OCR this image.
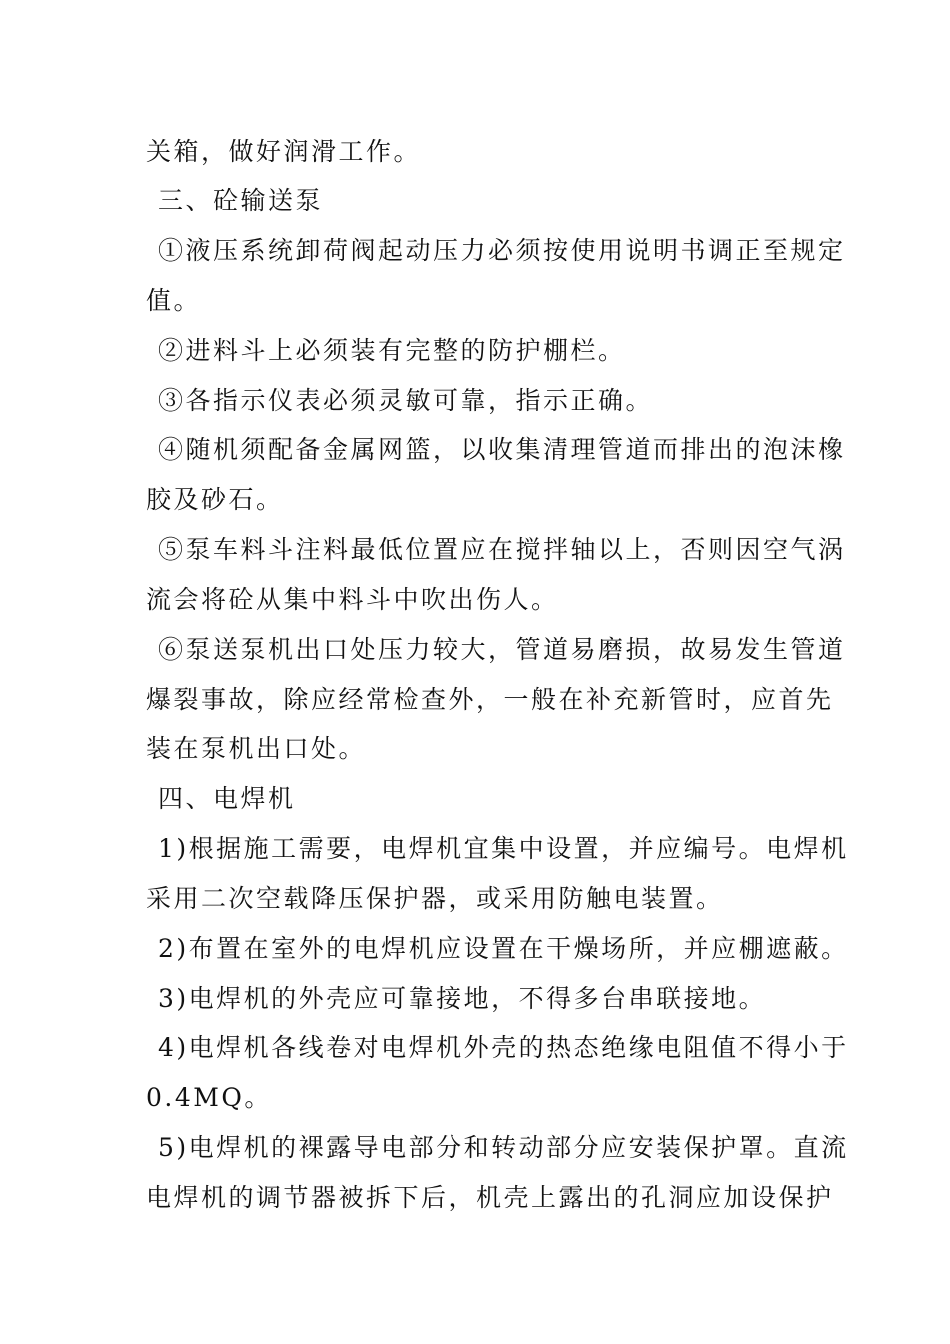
关箱，做好润滑工作。
三、砼输送泵
①液压系统卸荷阀起动压力必须按使用说明书调正至规定
值。
②进料斗上必须装有完整的防护棚栏。
③各指示仪表必须灵敏可靠，指示正确。
④随机须配备金属网篮，以收集清理管道而排出的泡沫橡
胶及砂石。
⑤泵车料斗注料最低位置应在搅拌轴以上，否则因空气涡
流会将砼从集中料斗中吹出伤人。
⑥泵送泵机出口处压力较大，管道易磨损，故易发生管道
爆裂事故，除应经常检查外，一般在补充新管时，应首先
装在泵机出口处。
四、电焊机
1)根据施工需要，电焊机宜集中设置，并应编号。电焊机
采用二次空载降压保护器，或采用防触电装置。
2)布置在室外的电焊机应设置在干燥场所，并应棚遮蔽。
3)电焊机的外壳应可靠接地，不得多台串联接地。
4)电焊机各线卷对电焊机外壳的热态绝缘电阻值不得小于
0.4MQ。
5)电焊机的裸露导电部分和转动部分应安装保护罩。直流
电焊机的调节器被拆下后，机壳上露出的孔洞应加设保护
